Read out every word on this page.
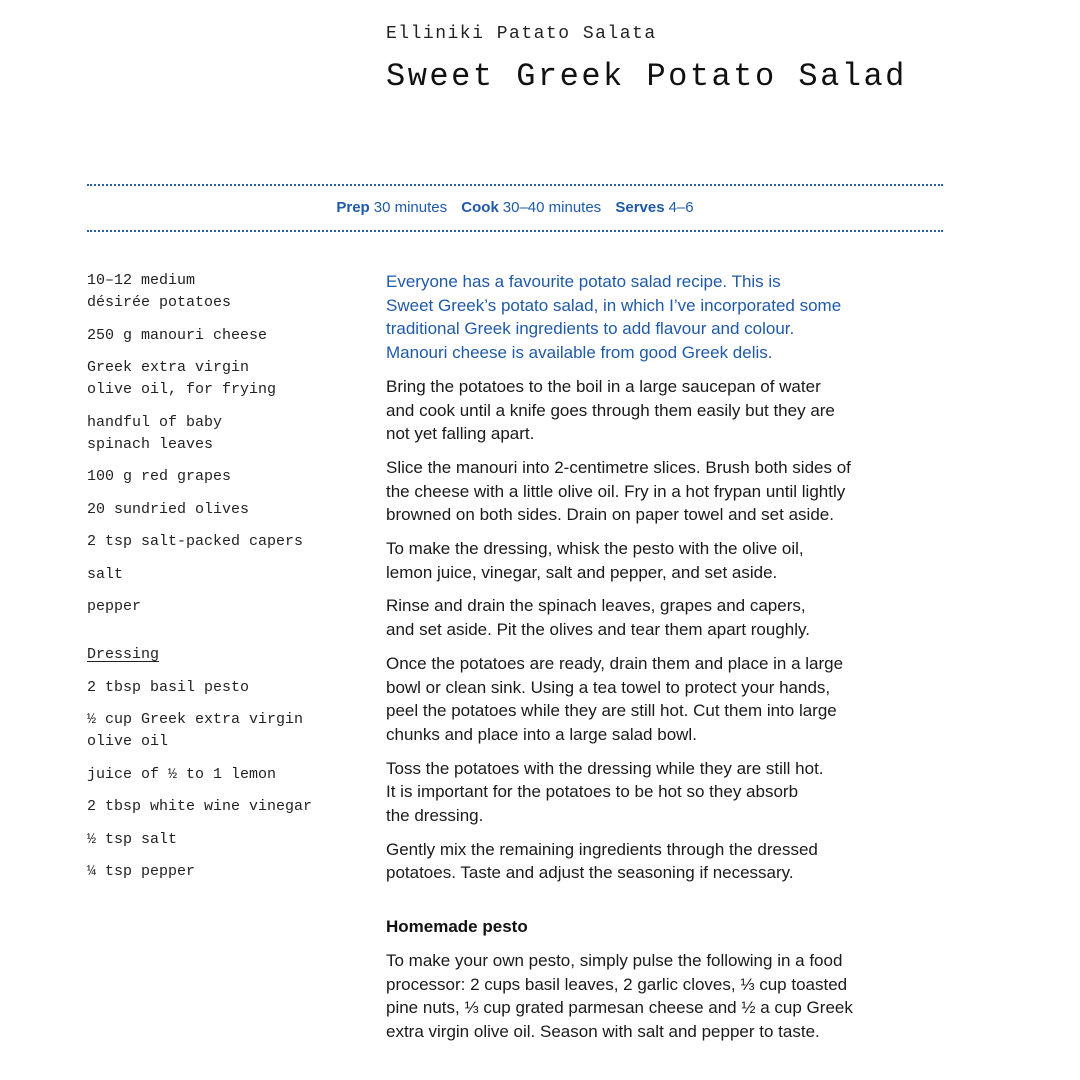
Elliniki Patato Salata
Sweet Greek Potato Salad
Prep 30 minutes Cook 30–40 minutes Serves 4–6
10–12 medium
désirée potatoes
250 g manouri cheese
Greek extra virgin
olive oil, for frying
handful of baby
spinach leaves
100 g red grapes
20 sundried olives
2 tsp salt-packed capers
salt
pepper
Dressing
2 tbsp basil pesto
½ cup Greek extra virgin
olive oil
juice of ½ to 1 lemon
2 tbsp white wine vinegar
½ tsp salt
¼ tsp pepper

Everyone has a favourite potato salad recipe. This is
Sweet Greek’s potato salad, in which I’ve incorporated some
traditional Greek ingredients to add flavour and colour.
Manouri cheese is available from good Greek delis.

Bring the potatoes to the boil in a large saucepan of water
and cook until a knife goes through them easily but they are
not yet falling apart.

Slice the manouri into 2-centimetre slices. Brush both sides of
the cheese with a little olive oil. Fry in a hot frypan until lightly
browned on both sides. Drain on paper towel and set aside.

To make the dressing, whisk the pesto with the olive oil,
lemon juice, vinegar, salt and pepper, and set aside.

Rinse and drain the spinach leaves, grapes and capers,
and set aside. Pit the olives and tear them apart roughly.

Once the potatoes are ready, drain them and place in a large
bowl or clean sink. Using a tea towel to protect your hands,
peel the potatoes while they are still hot. Cut them into large
chunks and place into a large salad bowl.

Toss the potatoes with the dressing while they are still hot.
It is important for the potatoes to be hot so they absorb
the dressing.

Gently mix the remaining ingredients through the dressed
potatoes. Taste and adjust the seasoning if necessary.

Homemade pesto

To make your own pesto, simply pulse the following in a food
processor: 2 cups basil leaves, 2 garlic cloves, ⅓ cup toasted
pine nuts, ⅓ cup grated parmesan cheese and ½ a cup Greek
extra virgin olive oil. Season with salt and pepper to taste.
